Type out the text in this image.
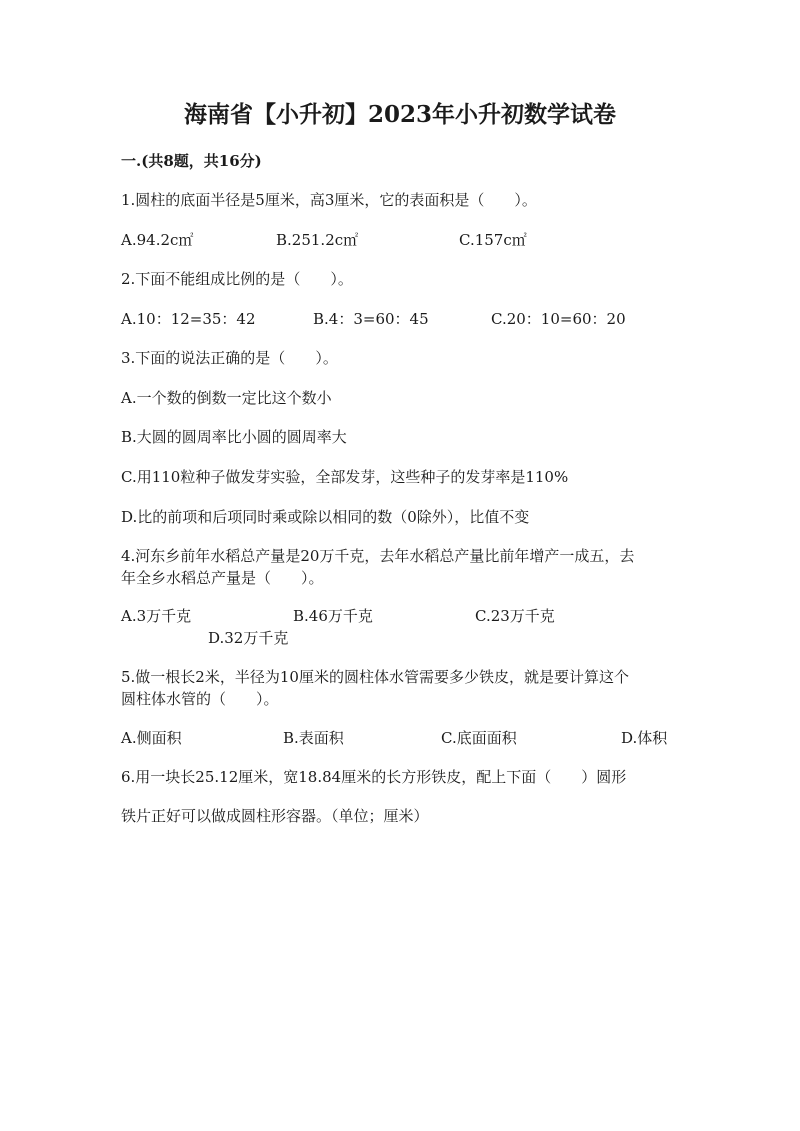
海南省【小升初】2023年小升初数学试卷
一.(共8题，共16分)
1.圆柱的底面半径是5厘米，高3厘米，它的表面积是（　　）。
A.94.2c㎡	B.251.2c㎡	C.157c㎡
2.下面不能组成比例的是（　　）。
A.10：12=35：42	B.4：3=60：45	C.20：10=60：20
3.下面的说法正确的是（　　）。
A.一个数的倒数一定比这个数小
B.大圆的圆周率比小圆的圆周率大
C.用110粒种子做发芽实验，全部发芽，这些种子的发芽率是110%
D.比的前项和后项同时乘或除以相同的数（0除外），比值不变
4.河东乡前年水稻总产量是20万千克，去年水稻总产量比前年增产一成五，去
年全乡水稻总产量是（　　）。
A.3万千克	B.46万千克	C.23万千克
D.32万千克
5.做一根长2米，半径为10厘米的圆柱体水管需要多少铁皮，就是要计算这个
圆柱体水管的（　　）。
A.侧面积	B.表面积	C.底面面积	D.体积
6.用一块长25.12厘米，宽18.84厘米的长方形铁皮，配上下面（　　）圆形
铁片正好可以做成圆柱形容器。（单位；厘米）
